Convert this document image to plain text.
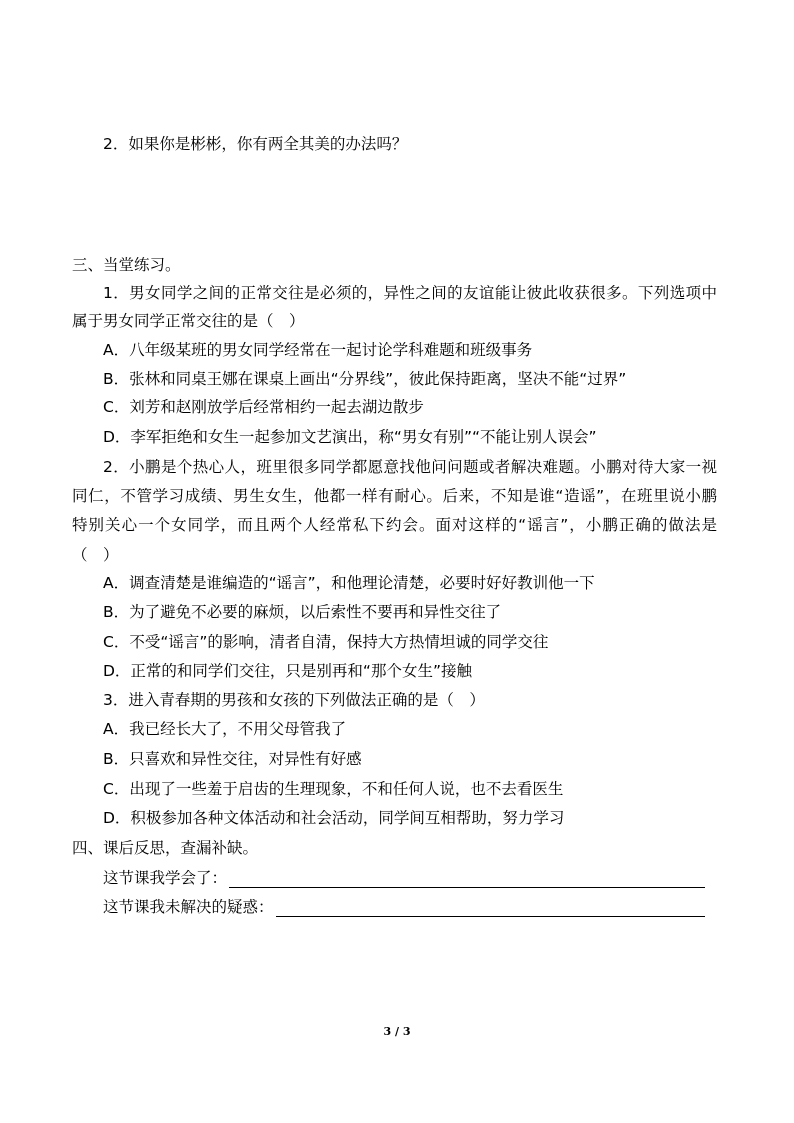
2．如果你是彬彬，你有两全其美的办法吗？
三、当堂练习。
1．男女同学之间的正常交往是必须的，异性之间的友谊能让彼此收获很多。下列选项中
属于男女同学正常交往的是（　）
A．八年级某班的男女同学经常在一起讨论学科难题和班级事务
B．张林和同桌王娜在课桌上画出“分界线”，彼此保持距离，坚决不能“过界”
C．刘芳和赵刚放学后经常相约一起去湖边散步
D．李军拒绝和女生一起参加文艺演出，称“男女有别”“不能让别人误会”
2．小鹏是个热心人，班里很多同学都愿意找他问问题或者解决难题。小鹏对待大家一视
同仁，不管学习成绩、男生女生，他都一样有耐心。后来，不知是谁“造谣”，在班里说小鹏
特别关心一个女同学，而且两个人经常私下约会。面对这样的“谣言”，小鹏正确的做法是
（　）
A．调查清楚是谁编造的“谣言”，和他理论清楚，必要时好好教训他一下
B．为了避免不必要的麻烦，以后索性不要再和异性交往了
C．不受“谣言”的影响，清者自清，保持大方热情坦诚的同学交往
D．正常的和同学们交往，只是别再和“那个女生”接触
3．进入青春期的男孩和女孩的下列做法正确的是（　）
A．我已经长大了，不用父母管我了
B．只喜欢和异性交往，对异性有好感
C．出现了一些羞于启齿的生理现象，不和任何人说，也不去看医生
D．积极参加各种文体活动和社会活动，同学间互相帮助，努力学习
四、课后反思，查漏补缺。
这节课我学会了：
这节课我未解决的疑惑：
3 / 3
